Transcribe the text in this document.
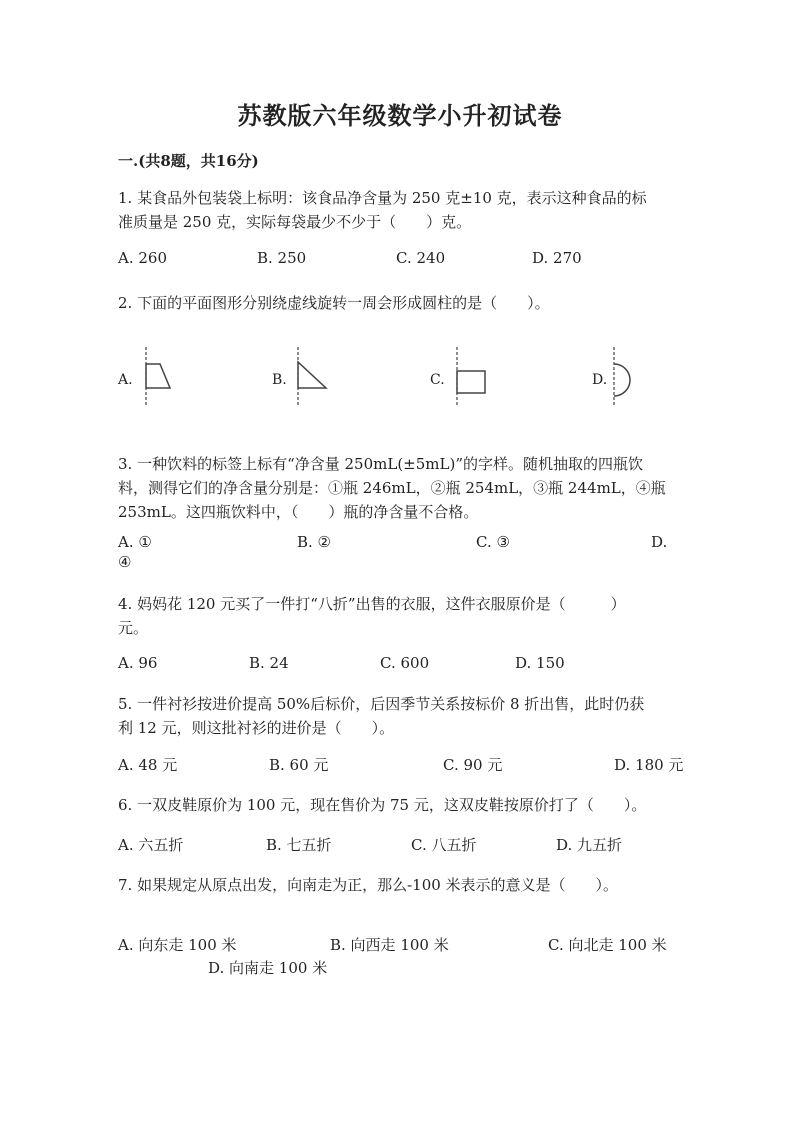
苏教版六年级数学小升初试卷
一.(共8题，共16分)
1. 某食品外包装袋上标明：该食品净含量为 250 克±10 克，表示这种食品的标
准质量是 250 克，实际每袋最少不少于（　　）克。
A. 260	B. 250	C. 240	D. 270
2. 下面的平面图形分别绕虚线旋转一周会形成圆柱的是（　　）。
A.	B.	C.	D.
3. 一种饮料的标签上标有“净含量 250mL(±5mL)”的字样。随机抽取的四瓶饮
料，测得它们的净含量分别是：①瓶 246mL，②瓶 254mL，③瓶 244mL，④瓶
253mL。这四瓶饮料中，（　　）瓶的净含量不合格。
A. ①	B. ②	C. ③	D.
④
4. 妈妈花 120 元买了一件打“八折”出售的衣服，这件衣服原价是（　　　）
元。
A. 96	B. 24	C. 600	D. 150
5. 一件衬衫按进价提高 50%后标价，后因季节关系按标价 8 折出售，此时仍获
利 12 元，则这批衬衫的进价是（　　）。
A. 48 元	B. 60 元	C. 90 元	D. 180 元
6. 一双皮鞋原价为 100 元，现在售价为 75 元，这双皮鞋按原价打了（　　）。
A. 六五折	B. 七五折	C. 八五折	D. 九五折
7. 如果规定从原点出发，向南走为正，那么-100 米表示的意义是（　　）。
A. 向东走 100 米	B. 向西走 100 米	C. 向北走 100 米
D. 向南走 100 米
